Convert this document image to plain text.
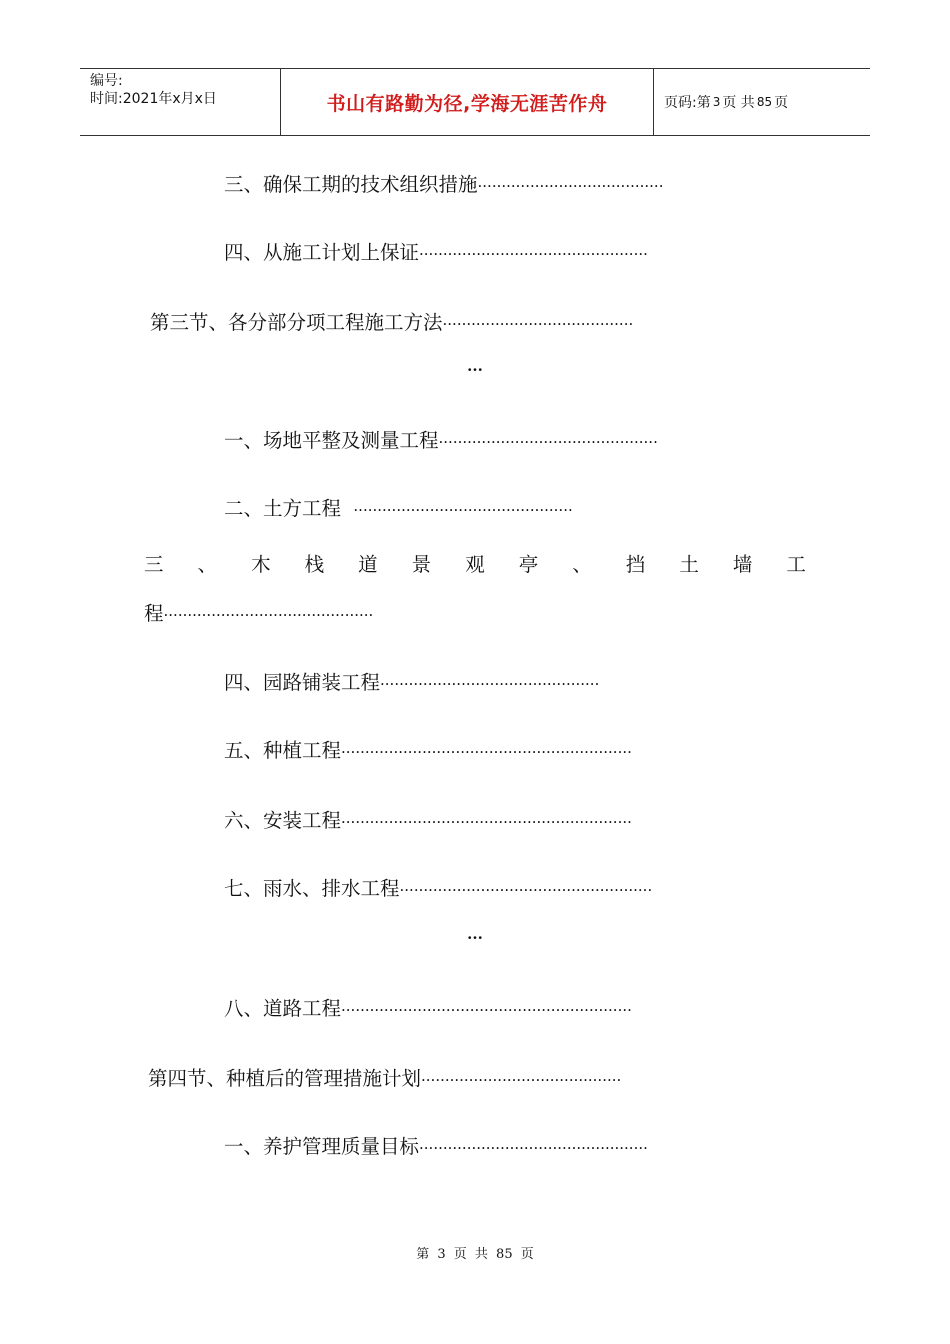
编号:
时间:2021年x月x日	书山有路勤为径,学海无涯苦作舟	页码:第 3 页 共 85 页
三、确保工期的技术组织措施·······································
四、从施工计划上保证················································
第三节、各分部分项工程施工方法········································
···
一、场地平整及测量工程··············································
二、土方工程  ··············································
三 、 木 栈 道 景 观 亭 、 挡 土 墙 工
程············································
四、园路铺装工程··············································
五、种植工程·····························································
六、安装工程·····························································
七、雨水、排水工程·····················································
···
八、道路工程·····························································
第四节、种植后的管理措施计划··········································
一、养护管理质量目标················································
第 3 页 共 85 页
